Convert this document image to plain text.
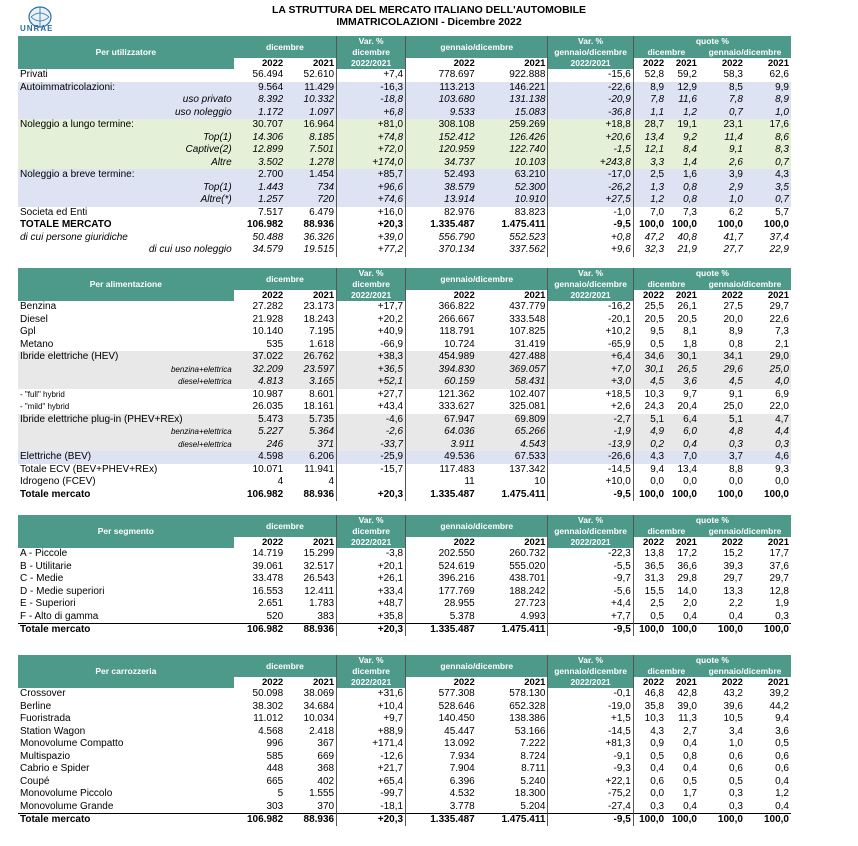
UNRAE
LA STRUTTURA DEL MERCATO ITALIANO DELL'AUTOMOBILE
IMMATRICOLAZIONI - Dicembre 2022
Per utilizzatore	dicembre		Var. %	gennaio/dicembre		Var. %	quote %			
			dicembre			gennaio/dicembre	dicembre		gennaio/dicembre	
	2022	2021	2022/2021	2022	2021	2022/2021	2022	2021	2022	2021
Privati	56.494	52.610	+7,4	778.697	922.888	-15,6	52,8	59,2	58,3	62,6
Autoimmatricolazioni:	9.564	11.429	-16,3	113.213	146.221	-22,6	8,9	12,9	8,5	9,9
uso privato	8.392	10.332	-18,8	103.680	131.138	-20,9	7,8	11,6	7,8	8,9
uso noleggio	1.172	1.097	+6,8	9.533	15.083	-36,8	1,1	1,2	0,7	1,0
Noleggio a lungo termine:	30.707	16.964	+81,0	308.108	259.269	+18,8	28,7	19,1	23,1	17,6
Top(1)	14.306	8.185	+74,8	152.412	126.426	+20,6	13,4	9,2	11,4	8,6
Captive(2)	12.899	7.501	+72,0	120.959	122.740	-1,5	12,1	8,4	9,1	8,3
Altre	3.502	1.278	+174,0	34.737	10.103	+243,8	3,3	1,4	2,6	0,7
Noleggio a breve termine:	2.700	1.454	+85,7	52.493	63.210	-17,0	2,5	1,6	3,9	4,3
Top(1)	1.443	734	+96,6	38.579	52.300	-26,2	1,3	0,8	2,9	3,5
Altre(*)	1.257	720	+74,6	13.914	10.910	+27,5	1,2	0,8	1,0	0,7
Societa ed Enti	7.517	6.479	+16,0	82.976	83.823	-1,0	7,0	7,3	6,2	5,7
TOTALE MERCATO	106.982	88.936	+20,3	1.335.487	1.475.411	-9,5	100,0	100,0	100,0	100,0
di cui persone giuridiche	50.488	36.326	+39,0	556.790	552.523	+0,8	47,2	40,8	41,7	37,4
di cui uso noleggio	34.579	19.515	+77,2	370.134	337.562	+9,6	32,3	21,9	27,7	22,9
Per alimentazione	dicembre		Var. %	gennaio/dicembre		Var. %	quote %			
			dicembre			gennaio/dicembre	dicembre		gennaio/dicembre	
	2022	2021	2022/2021	2022	2021	2022/2021	2022	2021	2022	2021
Benzina	27.282	23.173	+17,7	366.822	437.779	-16,2	25,5	26,1	27,5	29,7
Diesel	21.928	18.243	+20,2	266.667	333.548	-20,1	20,5	20,5	20,0	22,6
Gpl	10.140	7.195	+40,9	118.791	107.825	+10,2	9,5	8,1	8,9	7,3
Metano	535	1.618	-66,9	10.724	31.419	-65,9	0,5	1,8	0,8	2,1
Ibride elettriche (HEV)	37.022	26.762	+38,3	454.989	427.488	+6,4	34,6	30,1	34,1	29,0
benzina+elettrica	32.209	23.597	+36,5	394.830	369.057	+7,0	30,1	26,5	29,6	25,0
diesel+elettrica	4.813	3.165	+52,1	60.159	58.431	+3,0	4,5	3,6	4,5	4,0
- "full" hybrid	10.987	8.601	+27,7	121.362	102.407	+18,5	10,3	9,7	9,1	6,9
- "mild" hybrid	26.035	18.161	+43,4	333.627	325.081	+2,6	24,3	20,4	25,0	22,0
Ibride elettriche plug-in (PHEV+REx)	5.473	5.735	-4,6	67.947	69.809	-2,7	5,1	6,4	5,1	4,7
benzina+elettrica	5.227	5.364	-2,6	64.036	65.266	-1,9	4,9	6,0	4,8	4,4
diesel+elettrica	246	371	-33,7	3.911	4.543	-13,9	0,2	0,4	0,3	0,3
Elettriche (BEV)	4.598	6.206	-25,9	49.536	67.533	-26,6	4,3	7,0	3,7	4,6
Totale ECV (BEV+PHEV+REx)	10.071	11.941	-15,7	117.483	137.342	-14,5	9,4	13,4	8,8	9,3
Idrogeno (FCEV)	4	4		11	10	+10,0	0,0	0,0	0,0	0,0
Totale mercato	106.982	88.936	+20,3	1.335.487	1.475.411	-9,5	100,0	100,0	100,0	100,0
Per segmento	dicembre		Var. %	gennaio/dicembre		Var. %	quote %			
			dicembre			gennaio/dicembre	dicembre		gennaio/dicembre	
	2022	2021	2022/2021	2022	2021	2022/2021	2022	2021	2022	2021
A - Piccole	14.719	15.299	-3,8	202.550	260.732	-22,3	13,8	17,2	15,2	17,7
B - Utilitarie	39.061	32.517	+20,1	524.619	555.020	-5,5	36,5	36,6	39,3	37,6
C - Medie	33.478	26.543	+26,1	396.216	438.701	-9,7	31,3	29,8	29,7	29,7
D - Medie superiori	16.553	12.411	+33,4	177.769	188.242	-5,6	15,5	14,0	13,3	12,8
E - Superiori	2.651	1.783	+48,7	28.955	27.723	+4,4	2,5	2,0	2,2	1,9
F - Alto di gamma	520	383	+35,8	5.378	4.993	+7,7	0,5	0,4	0,4	0,3
Totale mercato	106.982	88.936	+20,3	1.335.487	1.475.411	-9,5	100,0	100,0	100,0	100,0
Per carrozzeria	dicembre		Var. %	gennaio/dicembre		Var. %	quote %			
			dicembre			gennaio/dicembre	dicembre		gennaio/dicembre	
	2022	2021	2022/2021	2022	2021	2022/2021	2022	2021	2022	2021
Crossover	50.098	38.069	+31,6	577.308	578.130	-0,1	46,8	42,8	43,2	39,2
Berline	38.302	34.684	+10,4	528.646	652.328	-19,0	35,8	39,0	39,6	44,2
Fuoristrada	11.012	10.034	+9,7	140.450	138.386	+1,5	10,3	11,3	10,5	9,4
Station Wagon	4.568	2.418	+88,9	45.447	53.166	-14,5	4,3	2,7	3,4	3,6
Monovolume Compatto	996	367	+171,4	13.092	7.222	+81,3	0,9	0,4	1,0	0,5
Multispazio	585	669	-12,6	7.934	8.724	-9,1	0,5	0,8	0,6	0,6
Cabrio e Spider	448	368	+21,7	7.904	8.711	-9,3	0,4	0,4	0,6	0,6
Coupé	665	402	+65,4	6.396	5.240	+22,1	0,6	0,5	0,5	0,4
Monovolume Piccolo	5	1.555	-99,7	4.532	18.300	-75,2	0,0	1,7	0,3	1,2
Monovolume Grande	303	370	-18,1	3.778	5.204	-27,4	0,3	0,4	0,3	0,4
Totale mercato	106.982	88.936	+20,3	1.335.487	1.475.411	-9,5	100,0	100,0	100,0	100,0
